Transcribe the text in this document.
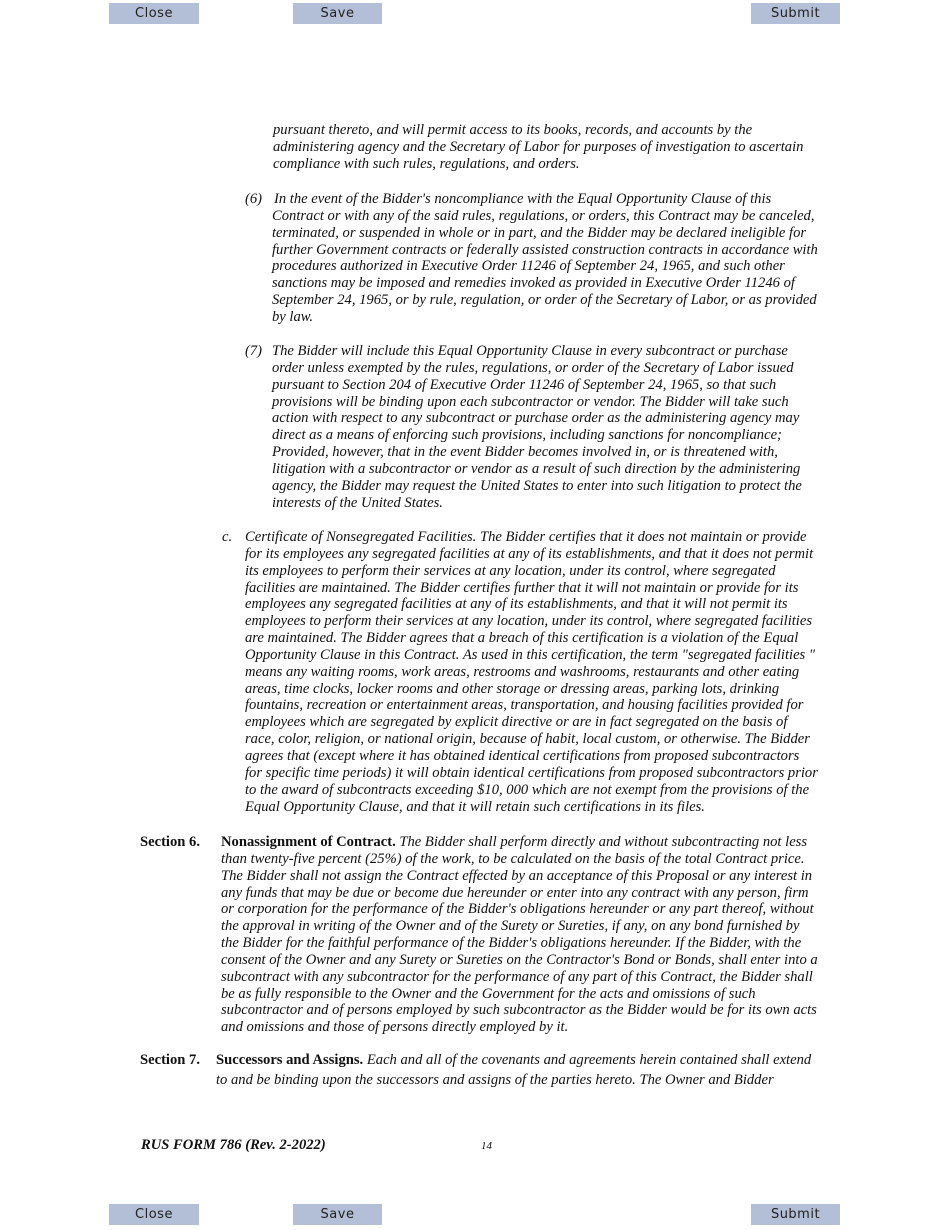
Close	Save	Submit
pursuant thereto, and will permit access to its books, records, and accounts by the
administering agency and the Secretary of Labor for purposes of investigation to ascertain
compliance with such rules, regulations, and orders.
(6) In the event of the Bidder's noncompliance with the Equal Opportunity Clause of this
Contract or with any of the said rules, regulations, or orders, this Contract may be canceled,
terminated, or suspended in whole or in part, and the Bidder may be declared ineligible for
further Government contracts or federally assisted construction contracts in accordance with
procedures authorized in Executive Order 11246 of September 24, 1965, and such other
sanctions may be imposed and remedies invoked as provided in Executive Order 11246 of
September 24, 1965, or by rule, regulation, or order of the Secretary of Labor, or as provided
by law.
(7) The Bidder will include this Equal Opportunity Clause in every subcontract or purchase
order unless exempted by the rules, regulations, or order of the Secretary of Labor issued
pursuant to Section 204 of Executive Order 11246 of September 24, 1965, so that such
provisions will be binding upon each subcontractor or vendor. The Bidder will take such
action with respect to any subcontract or purchase order as the administering agency may
direct as a means of enforcing such provisions, including sanctions for noncompliance;
Provided, however, that in the event Bidder becomes involved in, or is threatened with,
litigation with a subcontractor or vendor as a result of such direction by the administering
agency, the Bidder may request the United States to enter into such litigation to protect the
interests of the United States.
c. Certificate of Nonsegregated Facilities. The Bidder certifies that it does not maintain or provide
for its employees any segregated facilities at any of its establishments, and that it does not permit
its employees to perform their services at any location, under its control, where segregated
facilities are maintained. The Bidder certifies further that it will not maintain or provide for its
employees any segregated facilities at any of its establishments, and that it will not permit its
employees to perform their services at any location, under its control, where segregated facilities
are maintained. The Bidder agrees that a breach of this certification is a violation of the Equal
Opportunity Clause in this Contract. As used in this certification, the term "segregated facilities "
means any waiting rooms, work areas, restrooms and washrooms, restaurants and other eating
areas, time clocks, locker rooms and other storage or dressing areas, parking lots, drinking
fountains, recreation or entertainment areas, transportation, and housing facilities provided for
employees which are segregated by explicit directive or are in fact segregated on the basis of
race, color, religion, or national origin, because of habit, local custom, or otherwise. The Bidder
agrees that (except where it has obtained identical certifications from proposed subcontractors
for specific time periods) it will obtain identical certifications from proposed subcontractors prior
to the award of subcontracts exceeding $10, 000 which are not exempt from the provisions of the
Equal Opportunity Clause, and that it will retain such certifications in its files.
Section 6. Nonassignment of Contract. The Bidder shall perform directly and without subcontracting not less
than twenty-five percent (25%) of the work, to be calculated on the basis of the total Contract price.
The Bidder shall not assign the Contract effected by an acceptance of this Proposal or any interest in
any funds that may be due or become due hereunder or enter into any contract with any person, firm
or corporation for the performance of the Bidder's obligations hereunder or any part thereof, without
the approval in writing of the Owner and of the Surety or Sureties, if any, on any bond furnished by
the Bidder for the faithful performance of the Bidder's obligations hereunder. If the Bidder, with the
consent of the Owner and any Surety or Sureties on the Contractor's Bond or Bonds, shall enter into a
subcontract with any subcontractor for the performance of any part of this Contract, the Bidder shall
be as fully responsible to the Owner and the Government for the acts and omissions of such
subcontractor and of persons employed by such subcontractor as the Bidder would be for its own acts
and omissions and those of persons directly employed by it.
Section 7. Successors and Assigns. Each and all of the covenants and agreements herein contained shall extend
to and be binding upon the successors and assigns of the parties hereto. The Owner and Bidder
RUS FORM 786 (Rev. 2-2022)	14
Close	Save	Submit
